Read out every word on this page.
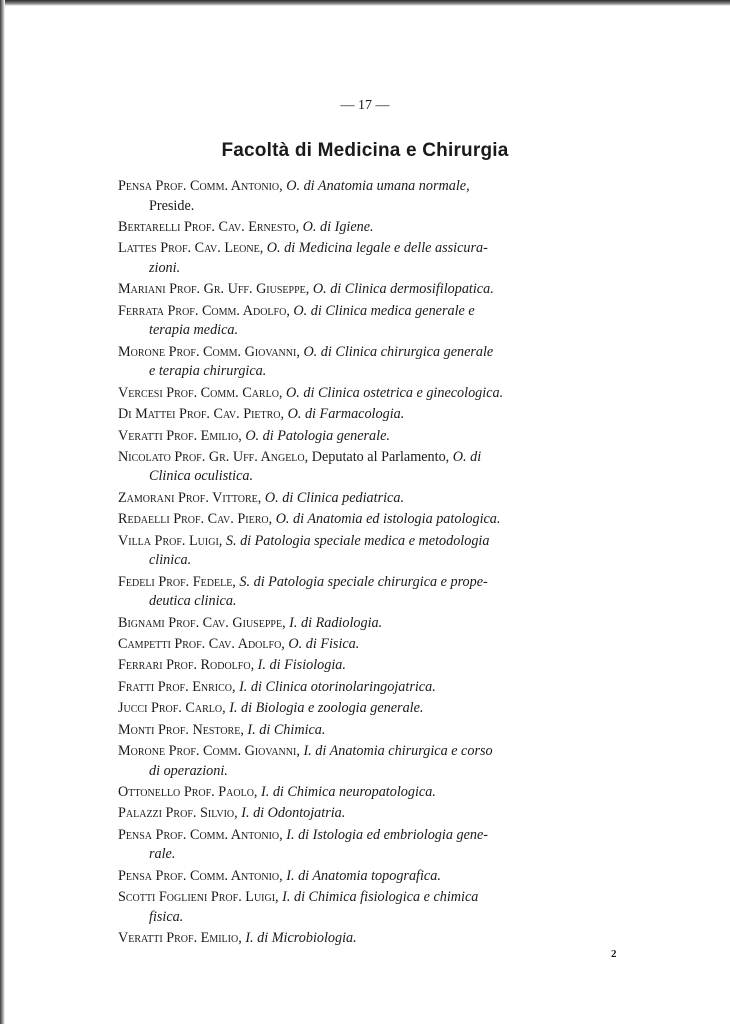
— 17 —
Facoltà di Medicina e Chirurgia
Pensa Prof. Comm. Antonio, O. di Anatomia umana normale,
Preside.
Bertarelli Prof. Cav. Ernesto, O. di Igiene.
Lattes Prof. Cav. Leone, O. di Medicina legale e delle assicura-
zioni.
Mariani Prof. Gr. Uff. Giuseppe, O. di Clinica dermosifilopatica.
Ferrata Prof. Comm. Adolfo, O. di Clinica medica generale e
terapia medica.
Morone Prof. Comm. Giovanni, O. di Clinica chirurgica generale
e terapia chirurgica.
Vercesi Prof. Comm. Carlo, O. di Clinica ostetrica e ginecologica.
Di Mattei Prof. Cav. Pietro, O. di Farmacologia.
Veratti Prof. Emilio, O. di Patologia generale.
Nicolato Prof. Gr. Uff. Angelo, Deputato al Parlamento, O. di
Clinica oculistica.
Zamorani Prof. Vittore, O. di Clinica pediatrica.
Redaelli Prof. Cav. Piero, O. di Anatomia ed istologia patologica.
Villa Prof. Luigi, S. di Patologia speciale medica e metodologia
clinica.
Fedeli Prof. Fedele, S. di Patologia speciale chirurgica e prope-
deutica clinica.
Bignami Prof. Cav. Giuseppe, I. di Radiologia.
Campetti Prof. Cav. Adolfo, O. di Fisica.
Ferrari Prof. Rodolfo, I. di Fisiologia.
Fratti Prof. Enrico, I. di Clinica otorinolaringojatrica.
Jucci Prof. Carlo, I. di Biologia e zoologia generale.
Monti Prof. Nestore, I. di Chimica.
Morone Prof. Comm. Giovanni, I. di Anatomia chirurgica e corso
di operazioni.
Ottonello Prof. Paolo, I. di Chimica neuropatologica.
Palazzi Prof. Silvio, I. di Odontojatria.
Pensa Prof. Comm. Antonio, I. di Istologia ed embriologia gene-
rale.
Pensa Prof. Comm. Antonio, I. di Anatomia topografica.
Scotti Foglieni Prof. Luigi, I. di Chimica fisiologica e chimica
fisica.
Veratti Prof. Emilio, I. di Microbiologia.
2
